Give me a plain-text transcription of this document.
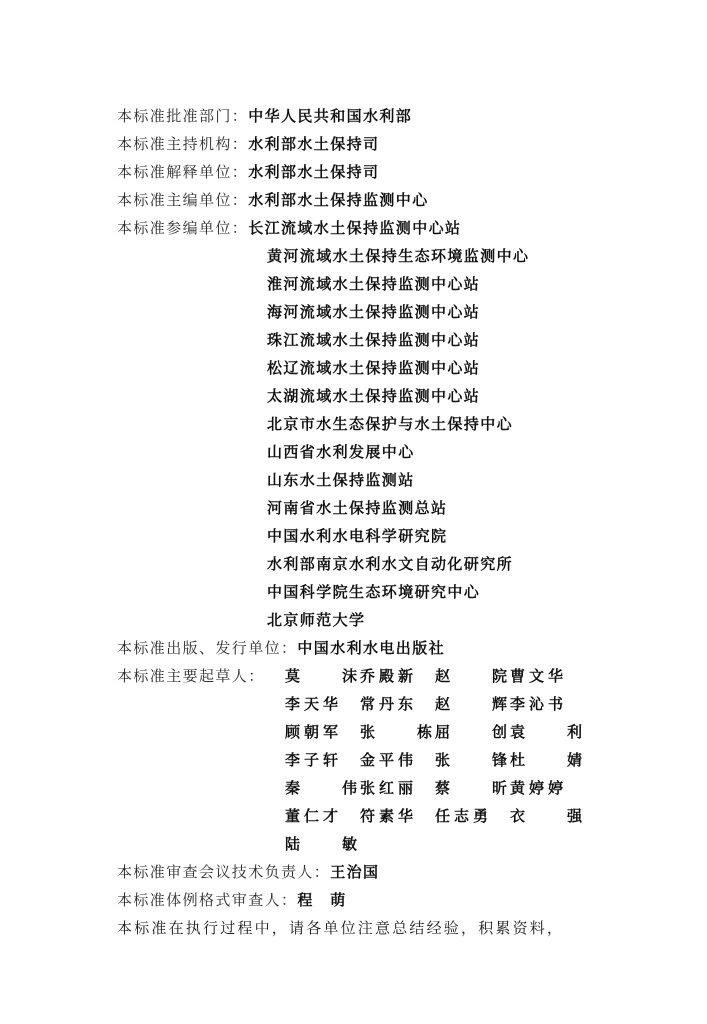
本标准批准部门：中华人民共和国水利部
本标准主持机构：水利部水土保持司
本标准解释单位：水利部水土保持司
本标准主编单位：水利部水土保持监测中心
本标准参编单位：长江流域水土保持监测中心站
黄河流域水土保持生态环境监测中心
淮河流域水土保持监测中心站
海河流域水土保持监测中心站
珠江流域水土保持监测中心站
松辽流域水土保持监测中心站
太湖流域水土保持监测中心站
北京市水生态保护与水土保持中心
山西省水利发展中心
山东水土保持监测站
河南省水土保持监测总站
中国水利水电科学研究院
水利部南京水利水文自动化研究所
中国科学院生态环境研究中心
北京师范大学
本标准出版、发行单位：中国水利水电出版社
本标准主要起草人： 莫	沫 乔殿新 赵	院 曹文华
李天华 常丹东 赵	辉 李沁书
顾朝军 张	栋 屈	创 袁	利
李子轩 金平伟 张	锋 杜	婧
秦	伟 张红丽 蔡	昕 黄婷婷
董仁才 符素华 任志勇 衣	强
陆	敏
本标准审查会议技术负责人：王治国
本标准体例格式审查人：程　萌
本标准在执行过程中，请各单位注意总结经验，积累资料，
